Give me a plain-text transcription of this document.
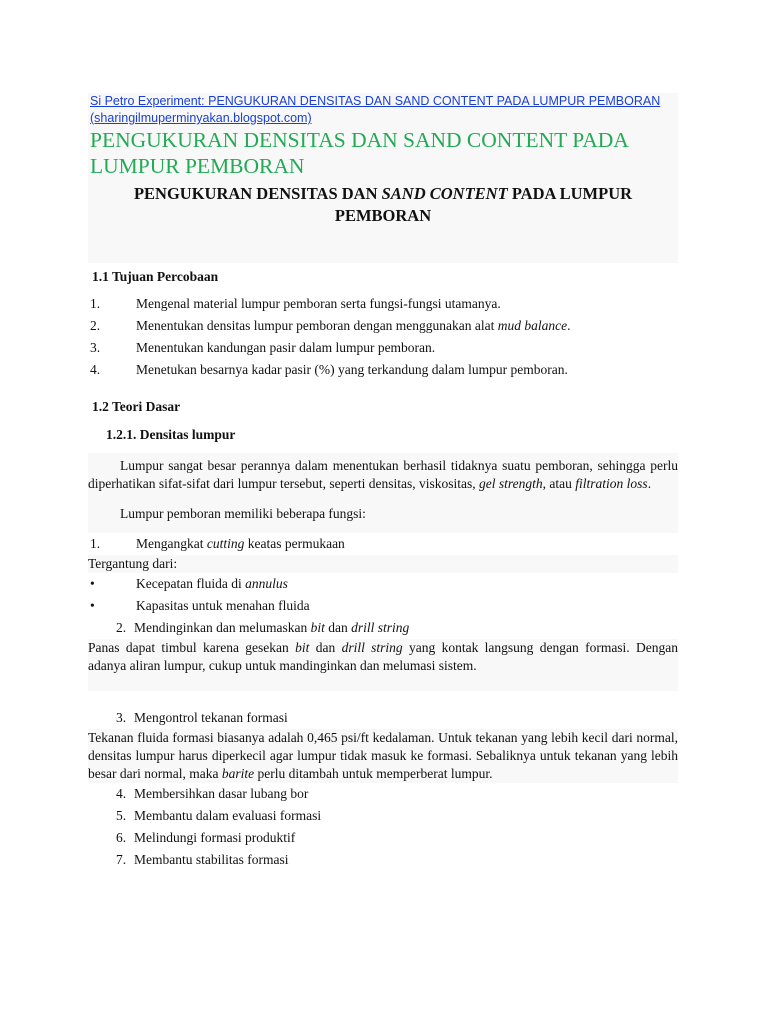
Si Petro Experiment: PENGUKURAN DENSITAS DAN SAND CONTENT PADA LUMPUR PEMBORAN
(sharingilmuperminyakan.blogspot.com)
PENGUKURAN DENSITAS DAN SAND CONTENT PADA
LUMPUR PEMBORAN
PENGUKURAN DENSITAS DAN SAND CONTENT PADA LUMPUR
PEMBORAN
1.1 Tujuan Percobaan
1.	Mengenal material lumpur pemboran serta fungsi-fungsi utamanya.
2.	Menentukan densitas lumpur pemboran dengan menggunakan alat mud balance.
3.	Menentukan kandungan pasir dalam lumpur pemboran.
4.	Menetukan besarnya kadar pasir (%) yang terkandung dalam lumpur pemboran.
1.2 Teori Dasar
1.2.1. Densitas lumpur

Lumpur sangat besar perannya dalam menentukan berhasil tidaknya suatu pemboran, sehingga perlu diperhatikan sifat-sifat dari lumpur tersebut, seperti densitas, viskositas, gel strength, atau filtration loss.

Lumpur pemboran memiliki beberapa fungsi:

1.	Mengangkat cutting keatas permukaan
Tergantung dari:
•	Kecepatan fluida di annulus
•	Kapasitas untuk menahan fluida
2. Mendinginkan dan melumaskan bit dan drill string

Panas dapat timbul karena gesekan bit dan drill string yang kontak langsung dengan formasi. Dengan adanya aliran lumpur, cukup untuk mandinginkan dan melumasi sistem.

3. Mengontrol tekanan formasi

Tekanan fluida formasi biasanya adalah 0,465 psi/ft kedalaman. Untuk tekanan yang lebih kecil dari normal, densitas lumpur harus diperkecil agar lumpur tidak masuk ke formasi. Sebaliknya untuk tekanan yang lebih besar dari normal, maka barite perlu ditambah untuk memperberat lumpur.

4. Membersihkan dasar lubang bor
5. Membantu dalam evaluasi formasi
6. Melindungi formasi produktif
7. Membantu stabilitas formasi
